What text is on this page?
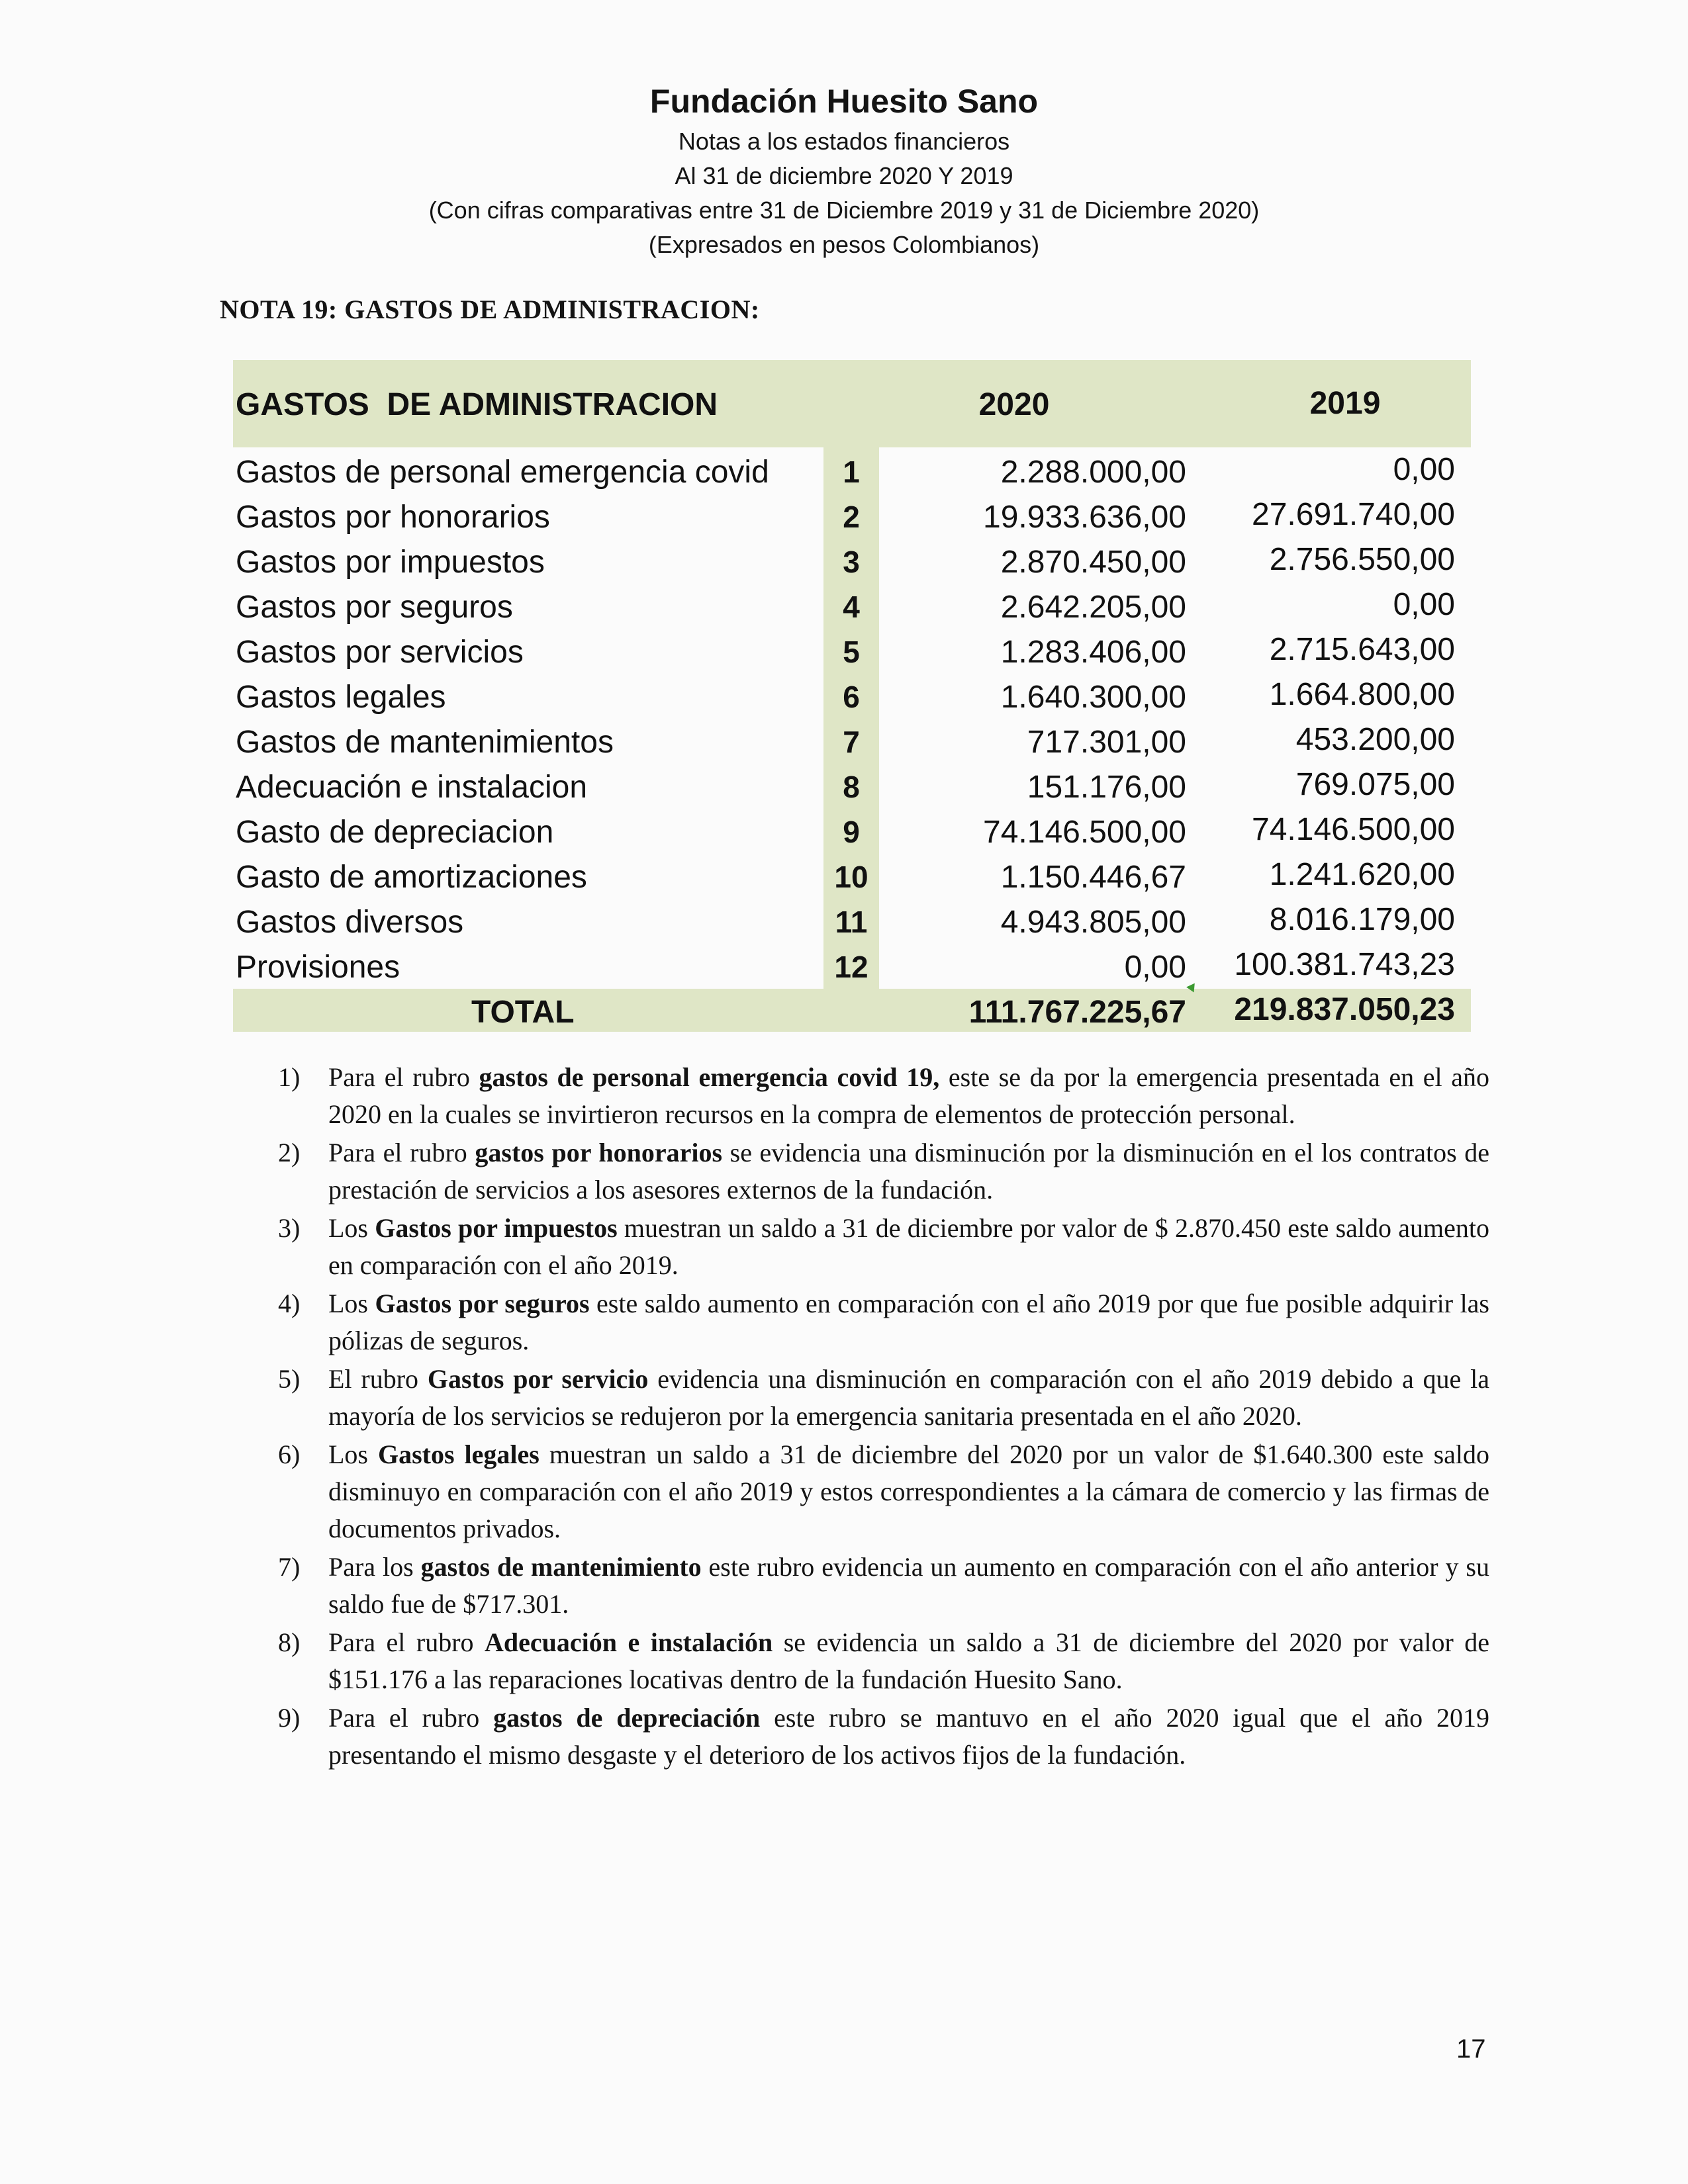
Fundación Huesito Sano
Notas a los estados financieros
Al 31 de diciembre 2020 Y 2019
(Con cifras comparativas entre 31 de Diciembre 2019 y 31 de Diciembre 2020)
(Expresados en pesos Colombianos)
NOTA 19: GASTOS DE ADMINISTRACION:
GASTOS  DE ADMINISTRACION	2020	2019
Gastos de personal emergencia covid	1	2.288.000,00	0,00
Gastos por honorarios	2	19.933.636,00 27.691.740,00
Gastos por impuestos	3	2.870.450,00	2.756.550,00
Gastos por seguros	4	2.642.205,00	0,00
Gastos por servicios	5	1.283.406,00	2.715.643,00
Gastos legales	6	1.640.300,00	1.664.800,00
Gastos de mantenimientos	7	717.301,00	453.200,00
Adecuación e instalacion	8	151.176,00	769.075,00
Gasto de depreciacion	9	74.146.500,00 74.146.500,00
Gasto de amortizaciones	10	1.150.446,67	1.241.620,00
Gastos diversos	11	4.943.805,00	8.016.179,00
Provisiones	12	0,00 100.381.743,23
TOTAL	111.767.225,67 219.837.050,23
1)	Para el rubro gastos de personal emergencia covid 19, este se da por la emergencia presentada en el año 2020 en la cuales se invirtieron recursos en la compra de elementos de protección personal.
2)	Para el rubro gastos por honorarios se evidencia una disminución por la disminución en el los contratos de prestación de servicios a los asesores externos de la fundación.
3)	Los Gastos por impuestos muestran un saldo a 31 de diciembre por valor de $ 2.870.450 este saldo aumento en comparación con el año 2019.
4)	Los Gastos por seguros este saldo aumento en comparación con el año 2019 por que fue posible adquirir las pólizas de seguros.
5)	El rubro Gastos por servicio evidencia una disminución en comparación con el año 2019 debido a que la mayoría de los servicios se redujeron por la emergencia sanitaria presentada en el año 2020.
6)	Los Gastos legales muestran un saldo a 31 de diciembre del 2020 por un valor de $1.640.300 este saldo disminuyo en comparación con el año 2019 y estos correspondientes a la cámara de comercio y las firmas de documentos privados.
7)	Para los gastos de mantenimiento este rubro evidencia un aumento en comparación con el año anterior y su saldo fue de $717.301.
8)	Para el rubro Adecuación e instalación se evidencia un saldo a 31 de diciembre del 2020 por valor de $151.176 a las reparaciones locativas dentro de la fundación Huesito Sano.
9)	Para el rubro gastos de depreciación este rubro se mantuvo en el año 2020 igual que el año 2019 presentando el mismo desgaste y el deterioro de los activos fijos de la fundación.
17
